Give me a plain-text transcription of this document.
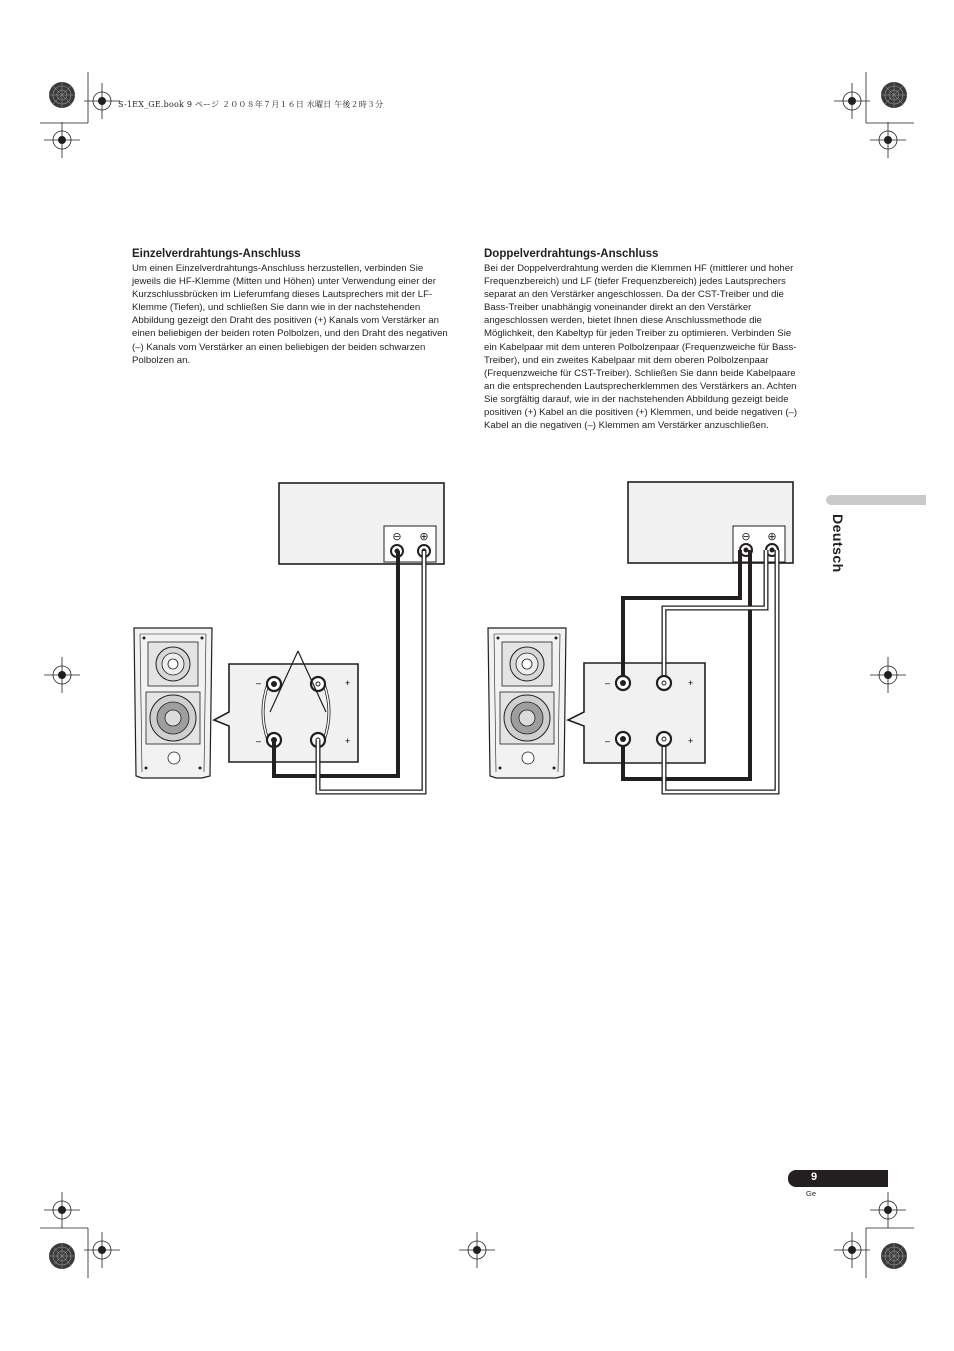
S-1EX_GE.book 9 ページ ２００８年７月１６日 水曜日 午後２時３分
Einzelverdrahtungs-Anschluss

Um einen Einzelverdrahtungs-Anschluss herzustellen, verbinden Sie jeweils die HF-Klemme (Mitten und Höhen) unter Verwendung einer der Kurzschlussbrücken im Lieferumfang dieses Lautsprechers mit der LF-Klemme (Tiefen), und schließen Sie dann wie in der nachstehenden Abbildung gezeigt den Draht des positiven (+) Kanals vom Verstärker an einen beliebigen der beiden roten Polbolzen, und den Draht des negativen (–) Kanals vom Verstärker an einen beliebigen der beiden schwarzen Polbolzen an.

Doppelverdrahtungs-Anschluss

Bei der Doppelverdrahtung werden die Klemmen HF (mittlerer und hoher Frequenzbereich) und LF (tiefer Frequenzbereich) jedes Lautsprechers separat an den Verstärker angeschlossen. Da der CST-Treiber und die Bass-Treiber unabhängig voneinander direkt an den Verstärker angeschlossen werden, bietet Ihnen diese Anschlussmethode die Möglichkeit, den Kabeltyp für jeden Treiber zu optimieren. Verbinden Sie ein Kabelpaar mit dem unteren Polbolzenpaar (Frequenzweiche für Bass-Treiber), und ein zweites Kabelpaar mit dem oberen Polbolzenpaar (Frequenzweiche für CST-Treiber). Schließen Sie dann beide Kabelpaare an die entsprechenden Lautsprecherklemmen des Verstärkers an. Achten Sie sorgfältig darauf, wie in der nachstehenden Abbildung gezeigt beide positiven (+) Kabel an die positiven (+) Klemmen, und beide negativen (–) Kabel an die negativen (–) Klemmen am Verstärker anzuschließen.

Deutsch
9
Ge
⊖ ⊕
–	+
–	+
⊖ ⊕
–	+
–	+
